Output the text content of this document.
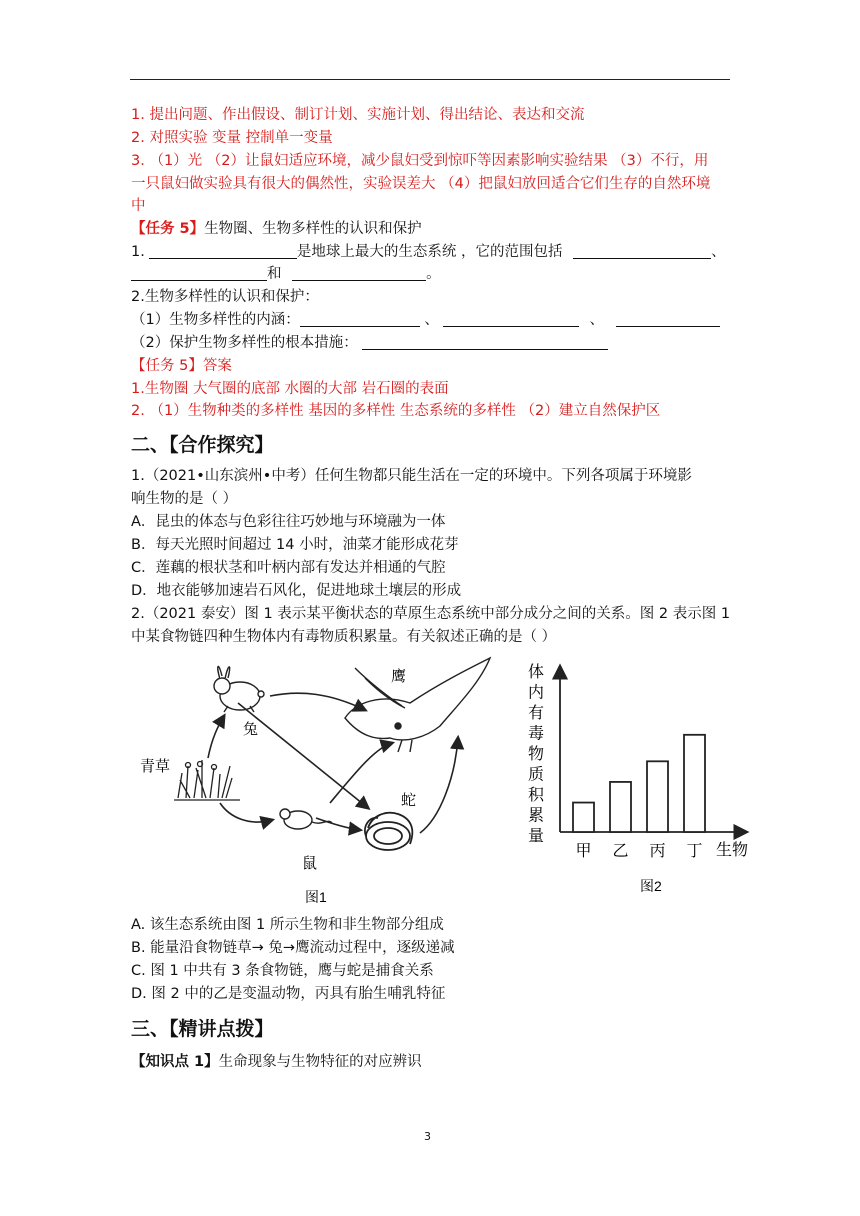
1. 提出问题、作出假设、制订计划、实施计划、得出结论、表达和交流
2. 对照实验 变量 控制单一变量
3. （1）光 （2）让鼠妇适应环境，减少鼠妇受到惊吓等因素影响实验结果 （3）不行，用
一只鼠妇做实验具有很大的偶然性，实验误差大 （4）把鼠妇放回适合它们生存的自然环境
中
【任务 5】生物圈、生物多样性的认识和保护
1.	是地球上最大的生态系统 ，它的范围包括	、
和	。
2.生物多样性的认识和保护：
（1）生物多样性的内涵：	、	、
（2）保护生物多样性的根本措施：
【任务 5】答案
1.生物圈 大气圈的底部 水圈的大部 岩石圈的表面
2. （1）生物种类的多样性 基因的多样性 生态系统的多样性 （2）建立自然保护区
二、【合作探究】
1.（2021•山东滨州•中考）任何生物都只能生活在一定的环境中。下列各项属于环境影
响生物的是（ ）
A．昆虫的体态与色彩往往巧妙地与环境融为一体
B．每天光照时间超过 14 小时，油菜才能形成花芽
C．莲藕的根状茎和叶柄内部有发达并相通的气腔
D．地衣能够加速岩石风化，促进地球土壤层的形成
2.（2021 泰安）图 1 表示某平衡状态的草原生态系统中部分成分之间的关系。图 2 表示图 1
中某食物链四种生物体内有毒物质积累量。有关叙述正确的是（ ）
青草
兔
鹰
蛇
鼠
图1
体
内
有
毒
物
质
积
累
量
甲 乙 丙 丁 生物
图2
A. 该生态系统由图 1 所示生物和非生物部分组成
B. 能量沿食物链草→ 兔→鹰流动过程中，逐级递减
C. 图 1 中共有 3 条食物链，鹰与蛇是捕食关系
D. 图 2 中的乙是变温动物，丙具有胎生哺乳特征
三、【精讲点拨】
【知识点 1】生命现象与生物特征的对应辨识
3
